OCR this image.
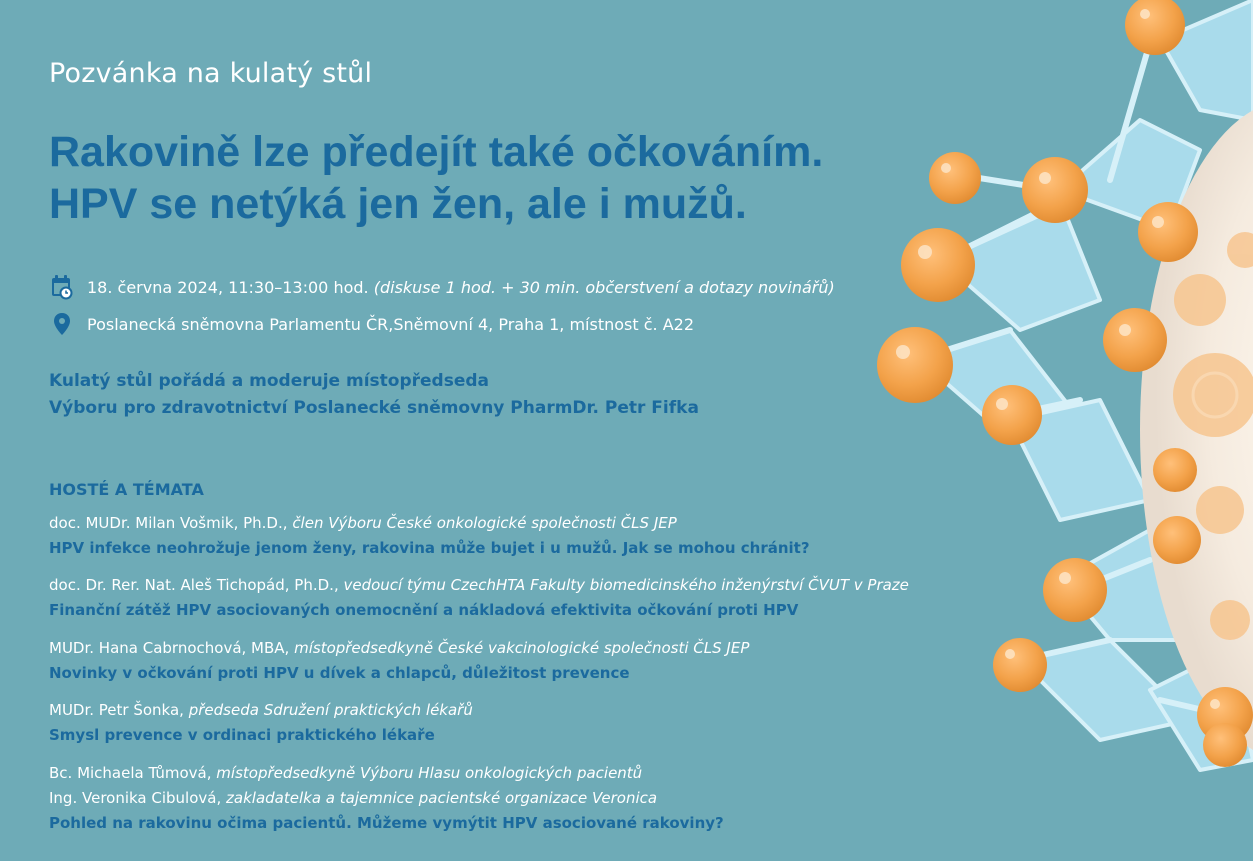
Pozvánka na kulatý stůl
Rakovině lze předejít také očkováním.
HPV se netýká jen žen, ale i mužů.
18. června 2024, 11:30–13:00 hod.
(diskuse 1 hod. + 30 min. občerstvení a dotazy novinářů)
Poslanecká sněmovna Parlamentu ČR,Sněmovní 4, Praha 1, místnost č. A22
Kulatý stůl pořádá a moderuje místopředseda
Výboru pro zdravotnictví Poslanecké sněmovny PharmDr. Petr Fifka
HOSTÉ A TÉMATA
doc. MUDr. Milan Vošmik, Ph.D., člen Výboru České onkologické společnosti ČLS JEP
HPV infekce neohrožuje jenom ženy, rakovina může bujet i u mužů. Jak se mohou chránit?
doc. Dr. Rer. Nat. Aleš Tichopád, Ph.D., vedoucí týmu CzechHTA Fakulty biomedicinského inženýrství ČVUT v Praze
Finanční zátěž HPV asociovaných onemocnění a nákladová efektivita očkování proti HPV
MUDr. Hana Cabrnochová, MBA, místopředsedkyně České vakcinologické společnosti ČLS JEP
Novinky v očkování proti HPV u dívek a chlapců, důležitost prevence
MUDr. Petr Šonka, předseda Sdružení praktických lékařů
Smysl prevence v ordinaci praktického lékaře
Bc. Michaela Tůmová, místopředsedkyně Výboru Hlasu onkologických pacientů
Ing. Veronika Cibulová, zakladatelka a tajemnice pacientské organizace Veronica
Pohled na rakovinu očima pacientů. Můžeme vymýtit HPV asociované rakoviny?
